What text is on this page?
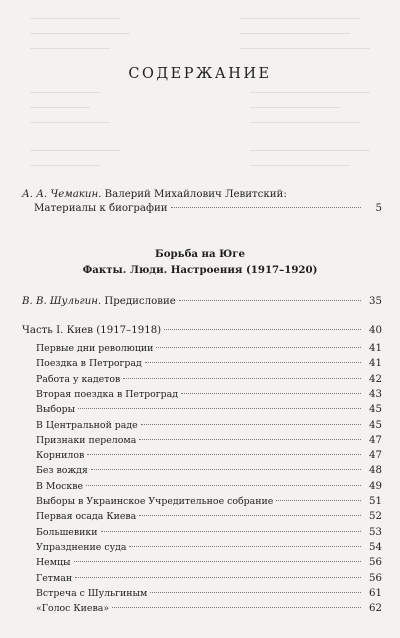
СОДЕРЖАНИЕ
А. А. Чемакин. Валерий Михайлович Левитский:
Материалы к биографии	5
Борьба на Юге
Факты. Люди. Настроения (1917–1920)
В. В. Шульгин. Предисловие	35
Часть I. Киев (1917–1918)	40
Первые дни революции	41
Поездка в Петроград	41
Работа у кадетов	42
Вторая поездка в Петроград	43
Выборы	45
В Центральной раде	45
Признаки перелома	47
Корнилов	47
Без вождя	48
В Москве	49
Выборы в Украинское Учредительное собрание	51
Первая осада Киева	52
Большевики	53
Упразднение суда	54
Немцы	56
Гетман	56
Встреча с Шульгиным	61
«Голос Киева»	62
